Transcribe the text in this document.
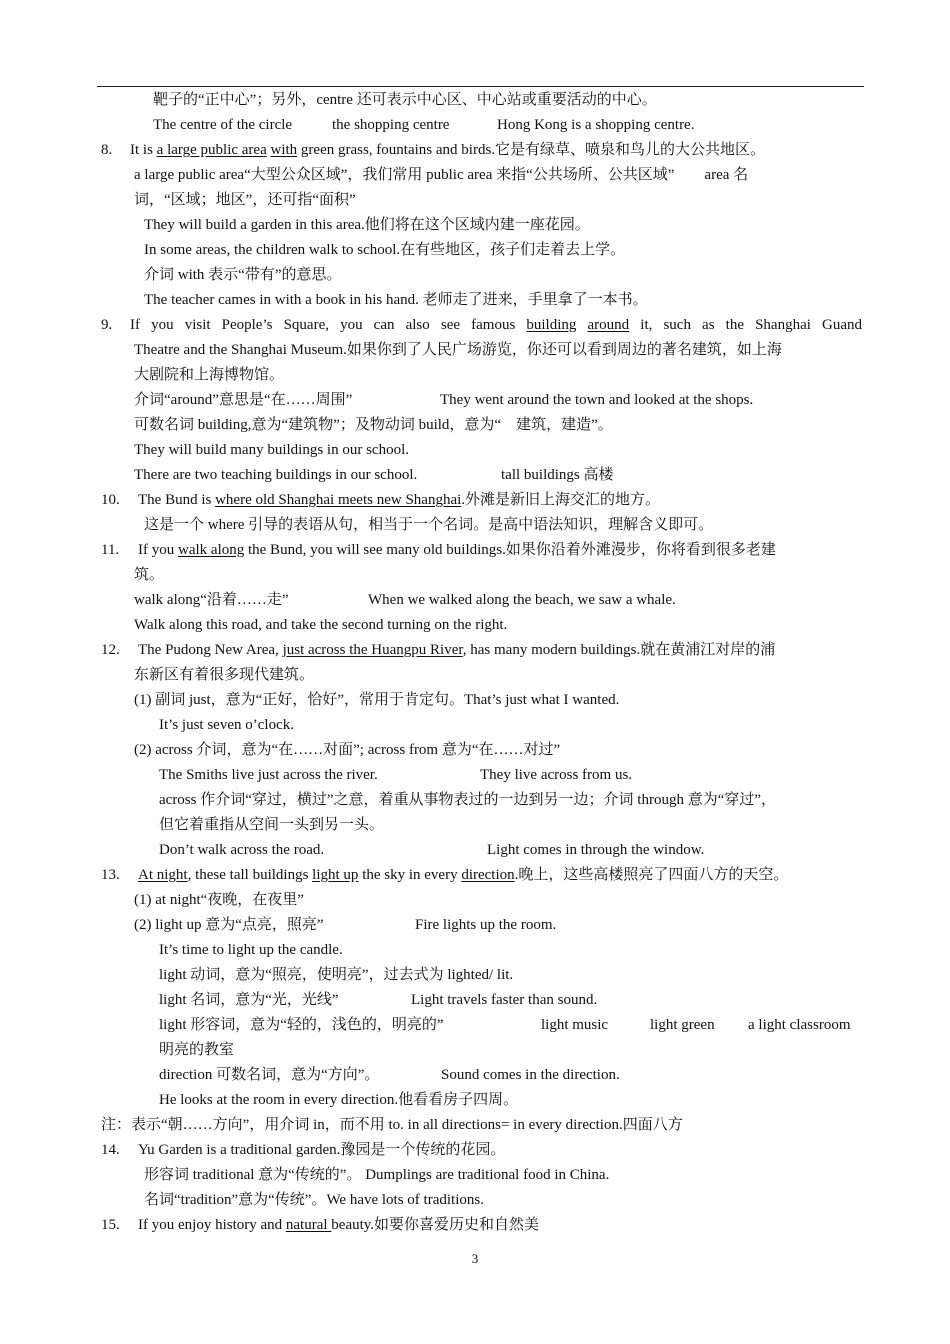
靶子的“正中心”；另外，centre 还可表示中心区、中心站或重要活动的中心。
The centre of the circle	the shopping centre	Hong Kong is a shopping centre.
8. It is a large public area with green grass, fountains and birds.它是有绿草、喷泉和鸟儿的大公共地区。
a large public area“大型公众区域”，我们常用 public area 来指“公共场所、公共区域”　　area 名
词，“区域；地区”，还可指“面积”
They will build a garden in this area.他们将在这个区域内建一座花园。
In some areas, the children walk to school.在有些地区，孩子们走着去上学。
介词 with 表示“带有”的意思。
The teacher cames in with a book in his hand. 老师走了进来，手里拿了一本书。
9. If you visit People’s Square, you can also see famous building around it, such as the Shanghai Guand
Theatre and the Shanghai Museum.如果你到了人民广场游览，你还可以看到周边的著名建筑，如上海
大剧院和上海博物馆。
介词“around”意思是“在……周围”	They went around the town and looked at the shops.
可数名词 building,意为“建筑物”；及物动词 build，意为“　建筑，建造”。
They will build many buildings in our school.
There are two teaching buildings in our school.	tall buildings 高楼
10. The Bund is where old Shanghai meets new Shanghai.外滩是新旧上海交汇的地方。
这是一个 where 引导的表语从句，相当于一个名词。是高中语法知识，理解含义即可。
11. If you walk along the Bund, you will see many old buildings.如果你沿着外滩漫步，你将看到很多老建
筑。
walk along“沿着……走”	When we walked along the beach, we saw a whale.
Walk along this road, and take the second turning on the right.
12. The Pudong New Area, just across the Huangpu River, has many modern buildings.就在黄浦江对岸的浦
东新区有着很多现代建筑。
(1) 副词 just，意为“正好，恰好”，常用于肯定句。That’s just what I wanted.
It’s just seven o’clock.
(2) across 介词，意为“在……对面”; across from 意为“在……对过”
The Smiths live just across the river.	They live across from us.
across 作介词“穿过，横过”之意，着重从事物表过的一边到另一边；介词 through 意为“穿过”，
但它着重指从空间一头到另一头。
Don’t walk across the road.	Light comes in through the window.
13. At night, these tall buildings light up the sky in every direction.晚上，这些高楼照亮了四面八方的天空。
(1) at night“夜晚，在夜里”
(2) light up 意为“点亮，照亮”	Fire lights up the room.
It’s time to light up the candle.
light 动词，意为“照亮，使明亮”，过去式为 lighted/ lit.
light 名词，意为“光，光线”	Light travels faster than sound.
light 形容词，意为“轻的，浅色的，明亮的”	light music	light green a light classroom
明亮的教室
direction 可数名词，意为“方向”。	Sound comes in the direction.
He looks at the room in every direction.他看看房子四周。
注：表示“朝……方向”，用介词 in，而不用 to. in all directions= in every direction.四面八方
14. Yu Garden is a traditional garden.豫园是一个传统的花园。
形容词 traditional 意为“传统的”。 Dumplings are traditional food in China.
名词“tradition”意为“传统”。We have lots of traditions.
15. If you enjoy history and natural beauty.如要你喜爱历史和自然美
3
